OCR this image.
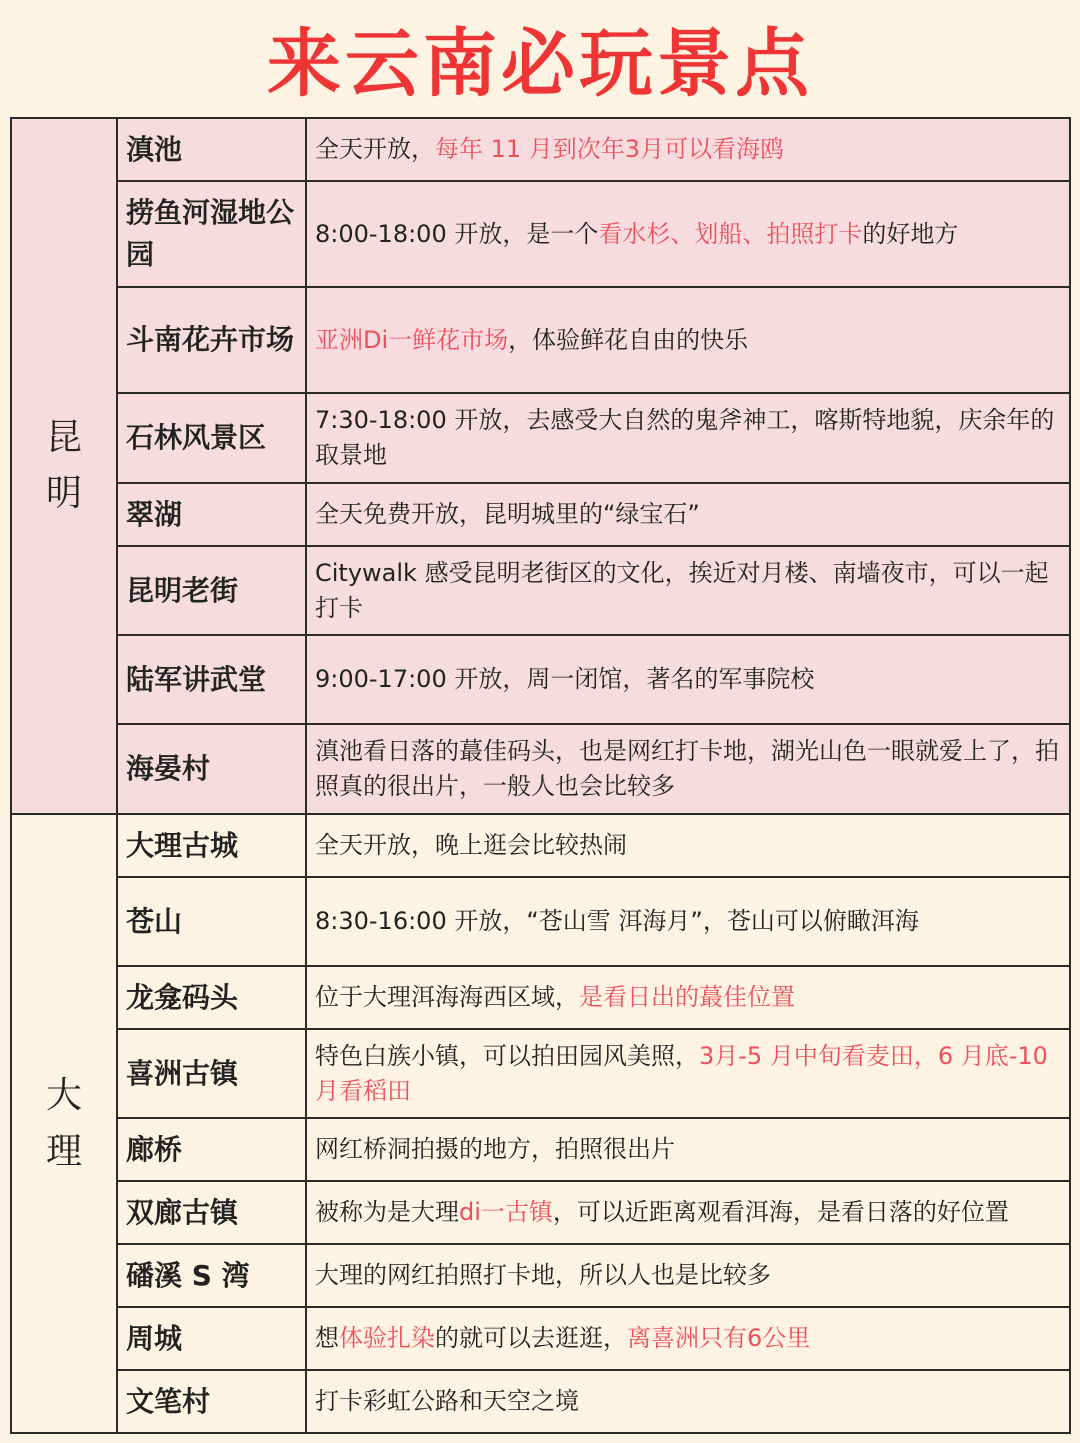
来云南必玩景点
昆明	滇池	全天开放，每年 11 月到次年3月可以看海鸥
	捞鱼河湿地公园	8:00-18:00 开放，是一个看水杉、划船、拍照打卡的好地方
	斗南花卉市场	亚洲Di一鲜花市场，体验鲜花自由的快乐
	石林风景区	7:30-18:00 开放，去感受大自然的鬼斧神工，喀斯特地貌，庆余年的取景地
	翠湖	全天免费开放，昆明城里的“绿宝石”
	昆明老街	Citywalk 感受昆明老街区的文化，挨近对月楼、南墙夜市，可以一起打卡
	陆军讲武堂	9:00-17:00 开放，周一闭馆，著名的军事院校
	海晏村	滇池看日落的蕞佳码头，也是网红打卡地，湖光山色一眼就爱上了，拍照真的很出片，一般人也会比较多
大理	大理古城	全天开放，晚上逛会比较热闹
	苍山	8:30-16:00 开放，“苍山雪 洱海月”，苍山可以俯瞰洱海
	龙龛码头	位于大理洱海海西区域，是看日出的蕞佳位置
	喜洲古镇	特色白族小镇，可以拍田园风美照，3月-5 月中旬看麦田，6 月底-10 月看稻田
	廊桥	网红桥洞拍摄的地方，拍照很出片
	双廊古镇	被称为是大理di一古镇，可以近距离观看洱海，是看日落的好位置
	磻溪 S 湾	大理的网红拍照打卡地，所以人也是比较多
	周城	想体验扎染的就可以去逛逛，离喜洲只有6公里
	文笔村	打卡彩虹公路和天空之境
